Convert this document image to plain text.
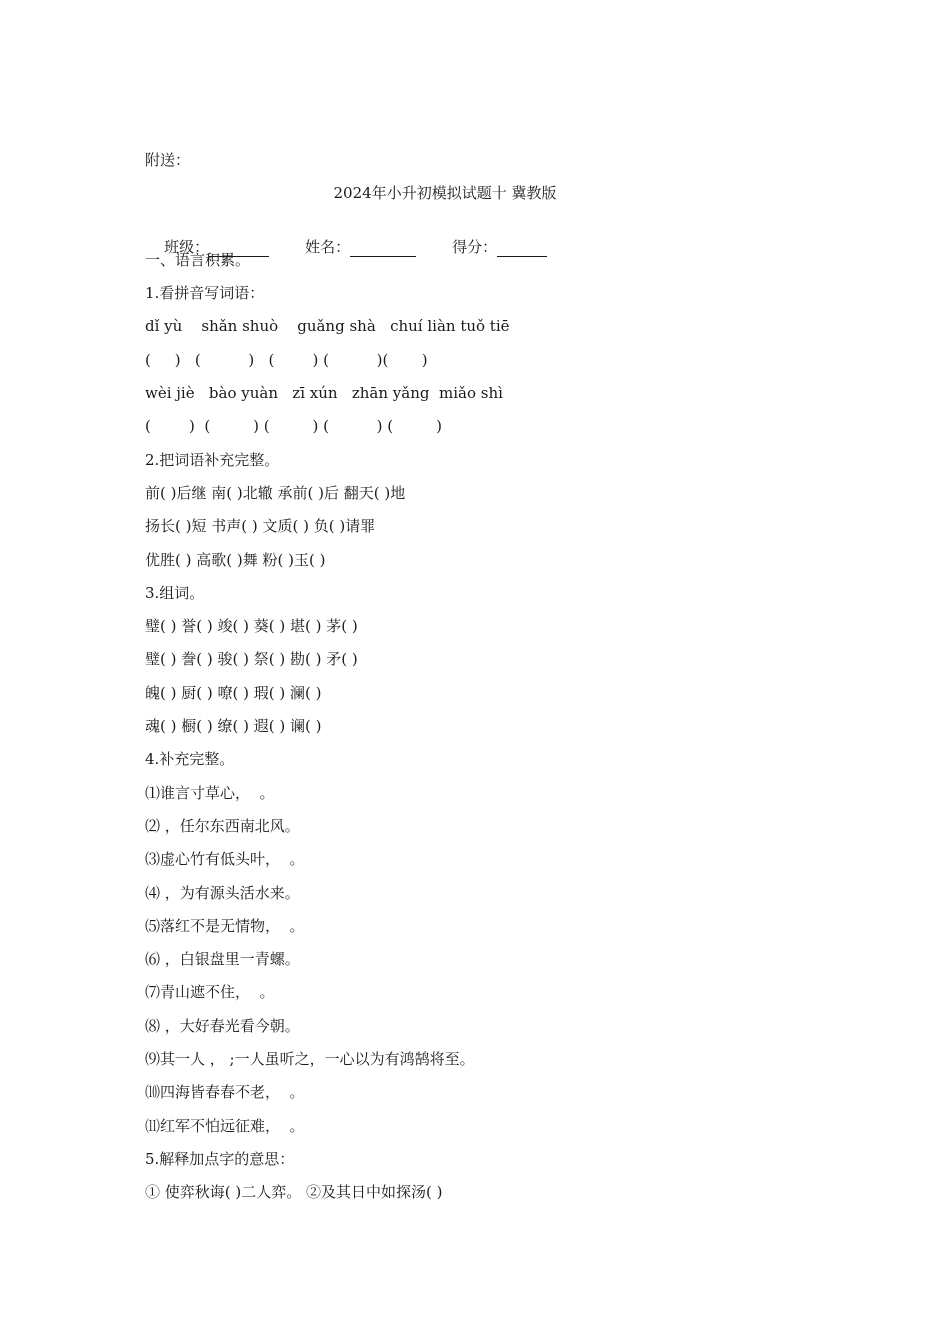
附送：
2024年小升初模拟试题十 冀教版

班级：	姓名：	得分：

一、语言积累。
1.看拼音写词语：
dǐ yù    shǎn shuò    guǎng shà   chuí liàn tuǒ tiē
(     )   (          )   (        ) (          )(       )
wèi jiè   bào yuàn   zī xún   zhān yǎng  miǎo shì
(        )  (         ) (         ) (          ) (         )
2.把词语补充完整。
前( )后继 南( )北辙 承前( )后 翻天( )地
扬长( )短 书声( ) 文质( ) 负( )请罪
优胜( ) 高歌( )舞 粉( )玉( )
3.组词。
璧( ) 誉( ) 竣( ) 葵( ) 堪( ) 茅( )
璧( ) 誊( ) 骏( ) 祭( ) 勘( ) 矛( )
魄( ) 厨( ) 嘹( ) 瑕( ) 澜( )
魂( ) 橱( ) 缭( ) 遐( ) 谰( )
4.补充完整。
⑴谁言寸草心，  。
⑵ ，任尔东西南北风。
⑶虚心竹有低头叶，  。
⑷ ，为有源头活水来。
⑸落红不是无情物，  。
⑹ ，白银盘里一青螺。
⑺青山遮不住，  。
⑻ ，大好春光看今朝。
⑼其一人 ， ;一人虽听之，一心以为有鸿鹄将至。
⑽四海皆春春不老，  。
⑾红军不怕远征难，  。
5.解释加点字的意思：
① 使弈秋诲( )二人弈。 ②及其日中如探汤( )
